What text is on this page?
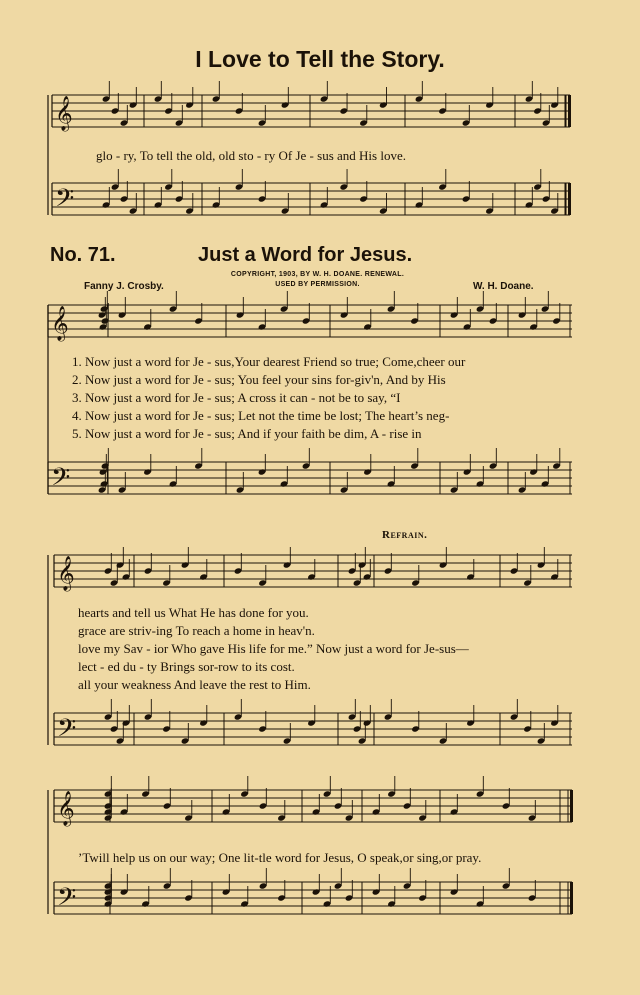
𝄞
𝄢
𝄞
𝄢
𝄞
𝄢
𝄞
𝄢
I Love to Tell the Story.
glo - ry, To tell the old, old sto - ry Of Je - sus and His love.
No. 71.	Just a Word for Jesus.
COPYRIGHT, 1903, BY W. H. DOANE. RENEWAL.
USED BY PERMISSION.
Fanny J. Crosby.	W. H. Doane.
1. Now just a word for Je - sus,Your dearest Friend so true; Come,cheer our
2. Now just a word for Je - sus; You feel your sins for-giv'n, And by His
3. Now just a word for Je - sus; A cross it can - not be to say, “I
4. Now just a word for Je - sus; Let not the time be lost; The heart’s neg-
5. Now just a word for Je - sus; And if your faith be dim, A - rise in
Refrain.
hearts and tell us What He has done for you.
grace are striv-ing To reach a home in heav'n.
love my Sav - ior Who gave His life for me.” Now just a word for Je-sus—
lect - ed du - ty Brings sor-row to its cost.
all your weakness And leave the rest to Him.
’Twill help us on our way; One lit-tle word for Jesus, O speak,or sing,or pray.
